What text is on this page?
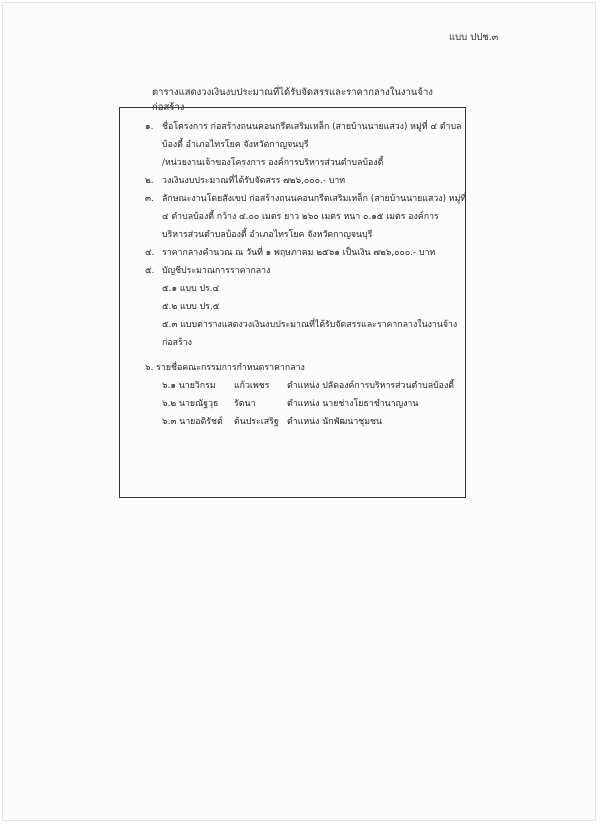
แบบ ปปช.๓
ตารางแสดงวงเงินงบประมาณที่ได้รับจัดสรรและราคากลางในงานจ้างก่อสร้าง
๑. ชื่อโครงการ ก่อสร้างถนนคอนกรีตเสริมเหล็ก (สายบ้านนายแสวง) หมู่ที่ ๔ ตำบล
บ้องตี้ อำเภอไทรโยค จังหวัดกาญจนบุรี
/หน่วยงานเจ้าของโครงการ องค์การบริหารส่วนตำบลบ้องตี้
๒. วงเงินงบประมาณที่ได้รับจัดสรร ๗๒๖,๐๐๐.- บาท
๓. ลักษณะงานโดยสังเขป ก่อสร้างถนนคอนกรีตเสริมเหล็ก (สายบ้านนายแสวง) หมู่ที่
๔ ตำบลบ้องตี้ กว้าง ๔.๐๐ เมตร ยาว ๒๖๐ เมตร หนา ๐.๑๕ เมตร องค์การ
บริหารส่วนตำบลบ้องตี้ อำเภอไทรโยค จังหวัดกาญจนบุรี
๔. ราคากลางคำนวณ ณ วันที่ ๑ พฤษภาคม ๒๕๖๑ เป็นเงิน ๗๒๖,๐๐๐.- บาท
๕. บัญชีประมาณการราคากลาง
๕.๑ แบบ ปร.๔
๕.๒ แบบ ปร.๕
๕.๓ แบบตารางแสดงวงเงินงบประมาณที่ได้รับจัดสรรและราคากลางในงานจ้าง
ก่อสร้าง
๖. รายชื่อคณะกรรมการกำหนดราคากลาง
๖.๑ นายวิกรม แก้วเพชร ตำแหน่ง ปลัดองค์การบริหารส่วนตำบลบ้องตี้
๖.๒ นายณัฐวุธ รัตนา	ตำแหน่ง นายช่างโยธาชำนาญงาน
๖.๓ นายอดิรัชต์ ต้นประเสริฐ ตำแหน่ง นักพัฒนาชุมชน
